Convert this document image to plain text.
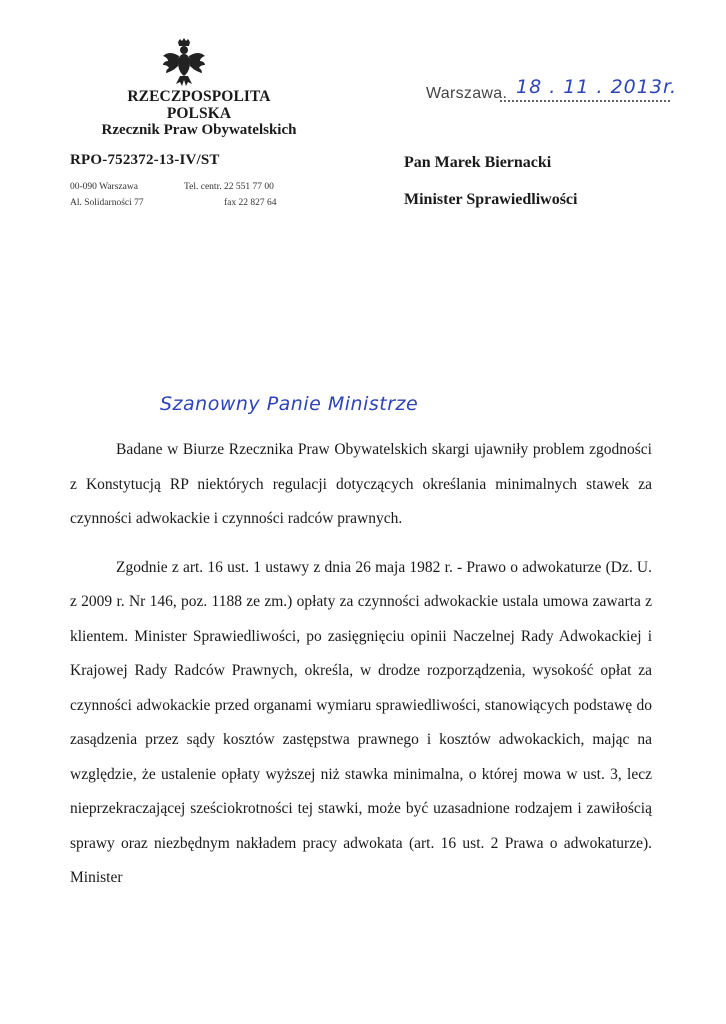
RZECZPOSPOLITA POLSKA
Rzecznik Praw Obywatelskich
Warszawa. 18 . 11 . 2013r.
RPO-752372-13-IV/ST
00-090 Warszawa	Tel. centr. 22 551 77 00
Al. Solidarności 77	fax 22 827 64
Pan Marek Biernacki
Minister Sprawiedliwości
Szanowny Panie Ministrze

Badane w Biurze Rzecznika Praw Obywatelskich skargi ujawniły problem zgodności z Konstytucją RP niektórych regulacji dotyczących określania minimalnych stawek za czynności adwokackie i czynności radców prawnych.

Zgodnie z art. 16 ust. 1 ustawy z dnia 26 maja 1982 r. - Prawo o adwokaturze (Dz. U. z 2009 r. Nr 146, poz. 1188 ze zm.) opłaty za czynności adwokackie ustala umowa zawarta z klientem. Minister Sprawiedliwości, po zasięgnięciu opinii Naczelnej Rady Adwokackiej i Krajowej Rady Radców Prawnych, określa, w drodze rozporządzenia, wysokość opłat za czynności adwokackie przed organami wymiaru sprawiedliwości, stanowiących podstawę do zasądzenia przez sądy kosztów zastępstwa prawnego i kosztów adwokackich, mając na względzie, że ustalenie opłaty wyższej niż stawka minimalna, o której mowa w ust. 3, lecz nieprzekraczającej sześciokrotności tej stawki, może być uzasadnione rodzajem i zawiłością sprawy oraz niezbędnym nakładem pracy adwokata (art. 16 ust. 2 Prawa o adwokaturze). Minister
